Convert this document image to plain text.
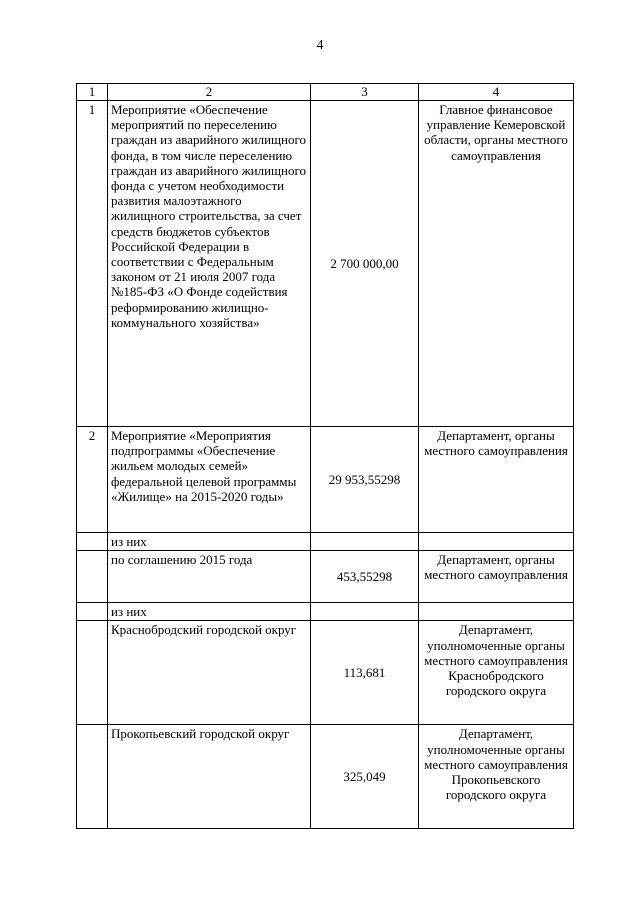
4
1	2	3	4
1	Мероприятие «Обеспечение мероприятий по переселению граждан из аварийного жилищного фонда, в том числе переселению граждан из аварийного жилищного фонда с учетом необходимости развития малоэтажного жилищного строительства, за счет средств бюджетов субъектов Российской Федерации в соответствии с Федеральным законом от 21 июля 2007 года №185-ФЗ «О Фонде содействия реформированию жилищно-коммунального хозяйства»	2 700 000,00	Главное финансовое управление Кемеровской области, органы местного самоуправления
2	Мероприятие «Мероприятия подпрограммы «Обеспечение жильем молодых семей» федеральной целевой программы «Жилище» на 2015-2020 годы»	29 953,55298	Департамент, органы местного самоуправления
	из них		
	по соглашению 2015 года	453,55298	Департамент, органы местного самоуправления
	из них		
	Краснобродский городской округ	113,681	Департамент, уполномоченные органы местного самоуправления Краснобродского городского округа
	Прокопьевский городской округ	325,049	Департамент, уполномоченные органы местного самоуправления Прокопьевского городского округа
